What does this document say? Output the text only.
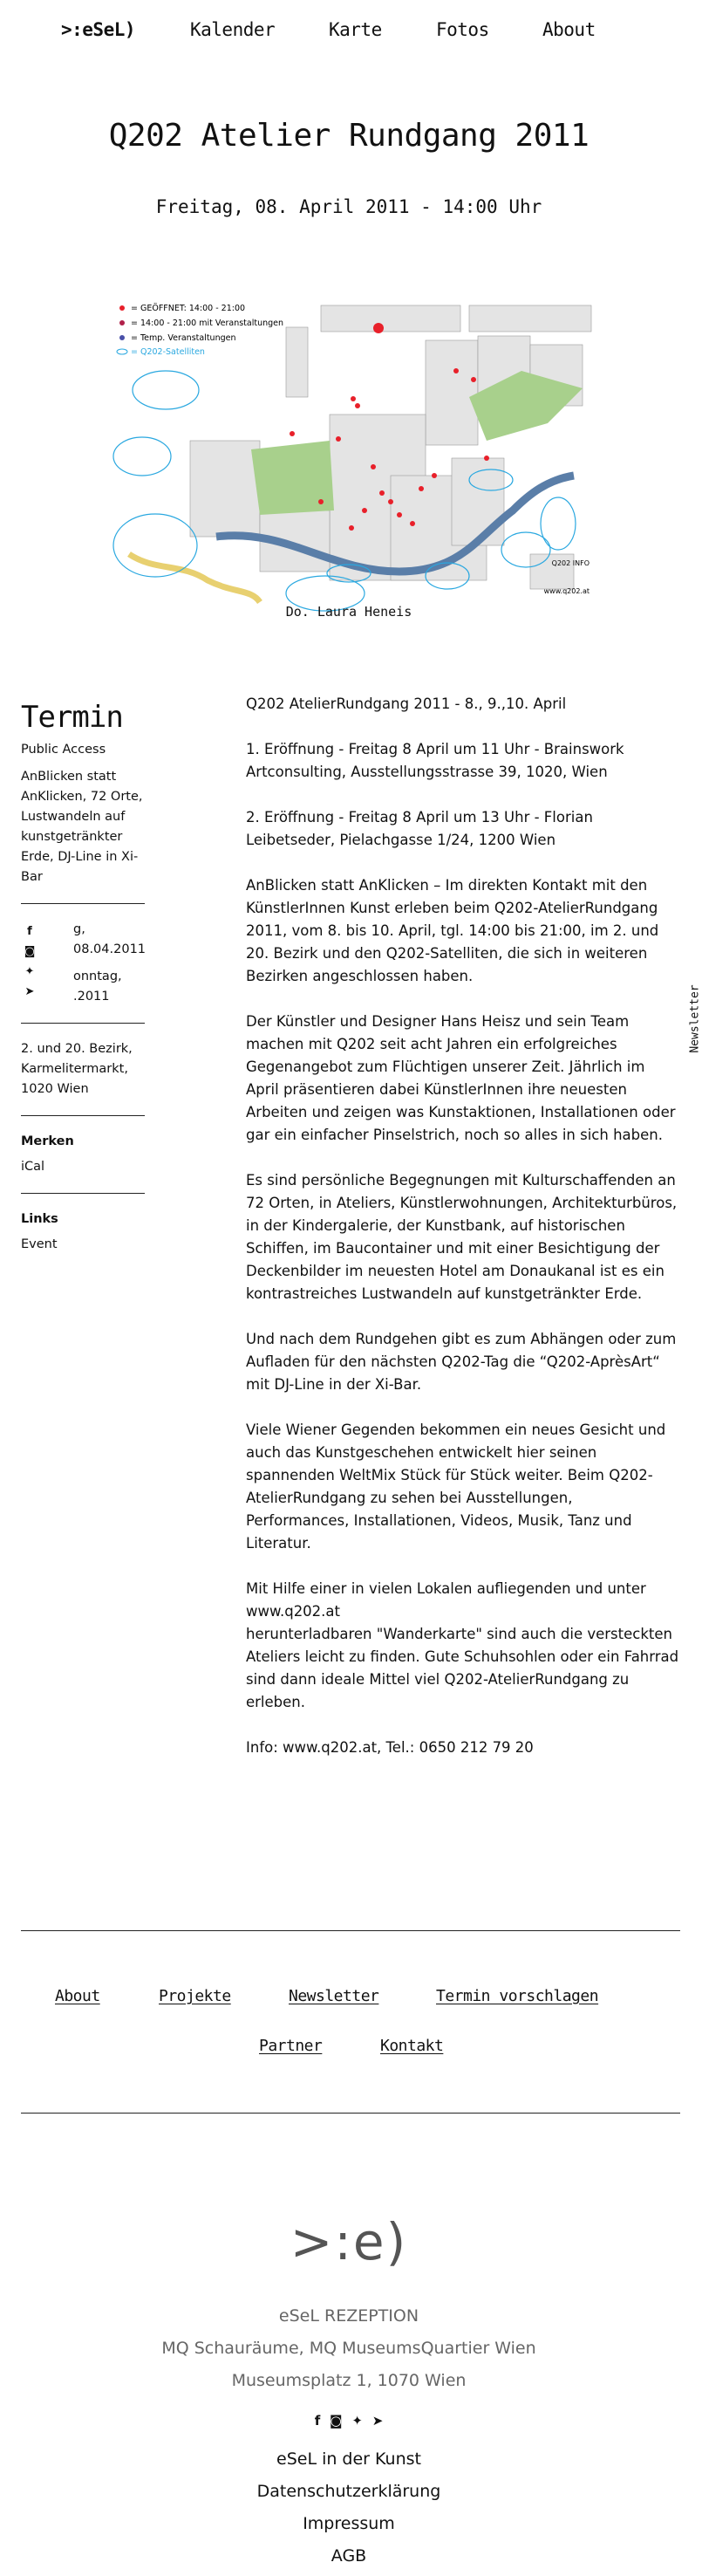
>:eSeL)	Kalender	Karte	Fotos	About
Q202 Atelier Rundgang 2011
Freitag, 08. April 2011 - 14:00 Uhr
= GEÖFFNET: 14:00 - 21:00
= 14:00 - 21:00 mit Veranstaltungen
= Temp. Veranstaltungen
= Q202-Satelliten
Q202 INFO
www.q202.at
Do. Laura Heneis
Termin

Public Access

AnBlicken statt AnKlicken, 72 Orte, Lustwandeln auf kunstgetränkter Erde, DJ-Line in Xi-Bar

g, 08.04.2011
onntag,
.2011
f
◙
✦
➤

2. und 20. Bezirk, Karmelitermarkt, 1020 Wien

Merken

iCal

Links

Event

Q202 AtelierRundgang 2011 - 8., 9.,10. April

1. Eröffnung - Freitag 8 April um 11 Uhr - Brainswork Artconsulting, Ausstellungsstrasse 39, 1020, Wien

2. Eröffnung - Freitag 8 April um 13 Uhr - Florian Leibetseder, Pielachgasse 1/24, 1200 Wien

AnBlicken statt AnKlicken – Im direkten Kontakt mit den KünstlerInnen Kunst erleben beim Q202-AtelierRundgang 2011, vom 8. bis 10. April, tgl. 14:00 bis 21:00, im 2. und 20. Bezirk und den Q202-Satelliten, die sich in weiteren Bezirken angeschlossen haben.

Der Künstler und Designer Hans Heisz und sein Team machen mit Q202 seit acht Jahren ein erfolgreiches Gegenangebot zum Flüchtigen unserer Zeit. Jährlich im April präsentieren dabei KünstlerInnen ihre neuesten Arbeiten und zeigen was Kunstaktionen, Installationen oder gar ein einfacher Pinselstrich, noch so alles in sich haben.

Es sind persönliche Begegnungen mit Kulturschaffenden an 72 Orten, in Ateliers, Künstlerwohnungen, Architekturbüros, in der Kindergalerie, der Kunstbank, auf historischen Schiffen, im Baucontainer und mit einer Besichtigung der Deckenbilder im neuesten Hotel am Donaukanal ist es ein kontrastreiches Lustwandeln auf kunstgetränkter Erde.

Und nach dem Rundgehen gibt es zum Abhängen oder zum Aufladen für den nächsten Q202-Tag die “Q202-AprèsArt“ mit DJ-Line in der Xi-Bar.

Viele Wiener Gegenden bekommen ein neues Gesicht und auch das Kunstgeschehen entwickelt hier seinen spannenden WeltMix Stück für Stück weiter. Beim Q202-AtelierRundgang zu sehen bei Ausstellungen, Performances, Installationen, Videos, Musik, Tanz und Literatur.

Mit Hilfe einer in vielen Lokalen aufliegenden und unter www.q202.at

herunterladbaren "Wanderkarte" sind auch die versteckten Ateliers leicht zu finden. Gute Schuhsohlen oder ein Fahrrad sind dann ideale Mittel viel Q202-AtelierRundgang zu erleben.

Info: www.q202.at, Tel.: 0650 212 79 20

Newsletter
About	Projekte	Newsletter	Termin vorschlagen
Partner	Kontakt
>:e)
eSeL REZEPTION
MQ Schauräume, MQ MuseumsQuartier Wien
Museumsplatz 1, 1070 Wien
f ◙ ✦ ➤
eSeL in der Kunst
Datenschutzerklärung
Impressum
AGB
